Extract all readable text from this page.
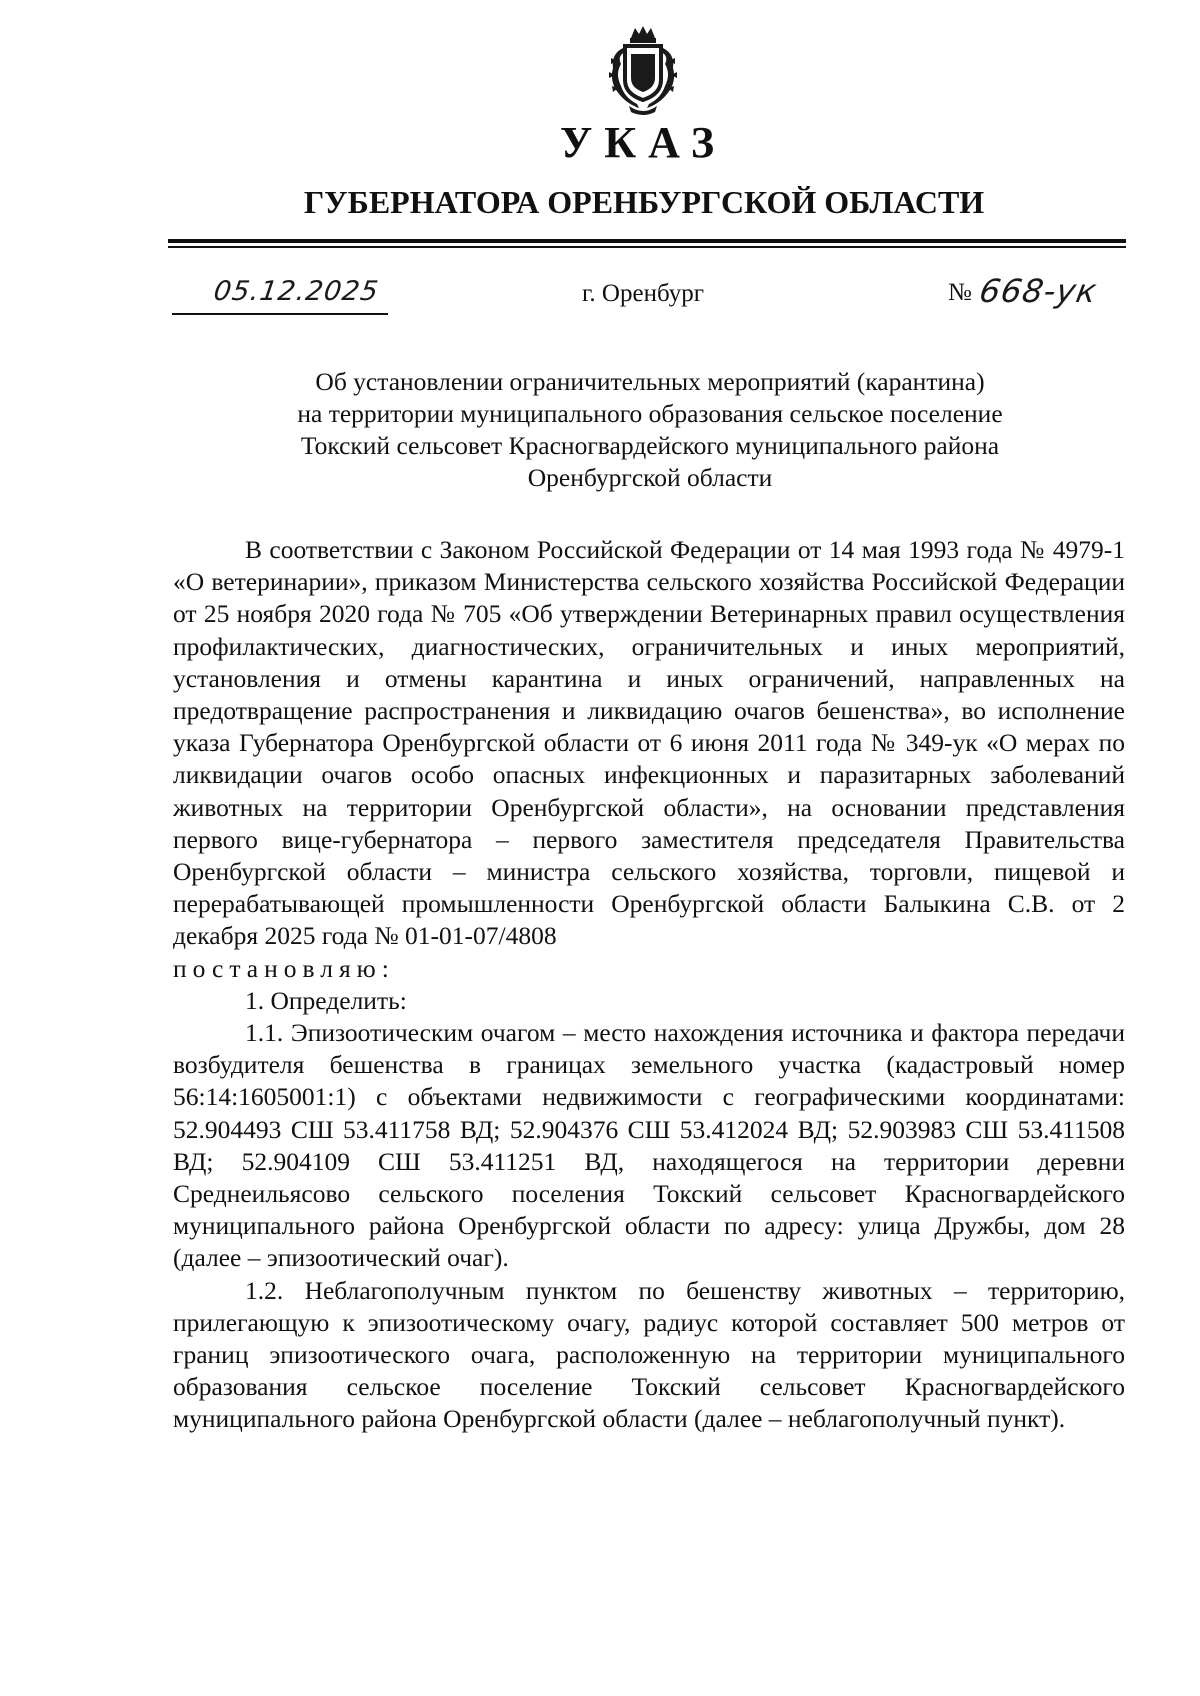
УКАЗ
ГУБЕРНАТОРА ОРЕНБУРГСКОЙ ОБЛАСТИ
05.12.2025	г. Оренбург	№ 668-ук
Об установлении ограничительных мероприятий (карантина)
на территории муниципального образования сельское поселение
Токский сельсовет Красногвардейского муниципального района
Оренбургской области

В соответствии с Законом Российской Федерации от 14 мая 1993 года № 4979-1 «О ветеринарии», приказом Министерства сельского хозяйства Российской Федерации от 25 ноября 2020 года № 705 «Об утверждении Ветеринарных правил осуществления профилактических, диагностических, ограничительных и иных мероприятий, установления и отмены карантина и иных ограничений, направленных на предотвращение распространения и ликвидацию очагов бешенства», во исполнение указа Губернатора Оренбургской области от 6 июня 2011 года № 349-ук «О мерах по ликвидации очагов особо опасных инфекционных и паразитарных заболеваний животных на территории Оренбургской области», на основании представления первого вице-губернатора – первого заместителя председателя Правительства Оренбургской области – министра сельского хозяйства, торговли, пищевой и перерабатывающей промышленности Оренбургской области Балыкина С.В. от 2 декабря 2025 года № 01-01-07/4808

постановляю:

1. Определить:

1.1. Эпизоотическим очагом – место нахождения источника и фактора передачи возбудителя бешенства в границах земельного участка (кадастровый номер 56:14:1605001:1) с объектами недвижимости с географическими координатами: 52.904493 СШ 53.411758 ВД; 52.904376 СШ 53.412024 ВД; 52.903983 СШ 53.411508 ВД; 52.904109 СШ 53.411251 ВД, находящегося на территории деревни Среднеильясово сельского поселения Токский сельсовет Красногвардейского муниципального района Оренбургской области по адресу: улица Дружбы, дом 28 (далее – эпизоотический очаг).

1.2. Неблагополучным пунктом по бешенству животных – территорию, прилегающую к эпизоотическому очагу, радиус которой составляет 500 метров от границ эпизоотического очага, расположенную на территории муниципального образования сельское поселение Токский сельсовет Красногвардейского муниципального района Оренбургской области (далее – неблагополучный пункт).
